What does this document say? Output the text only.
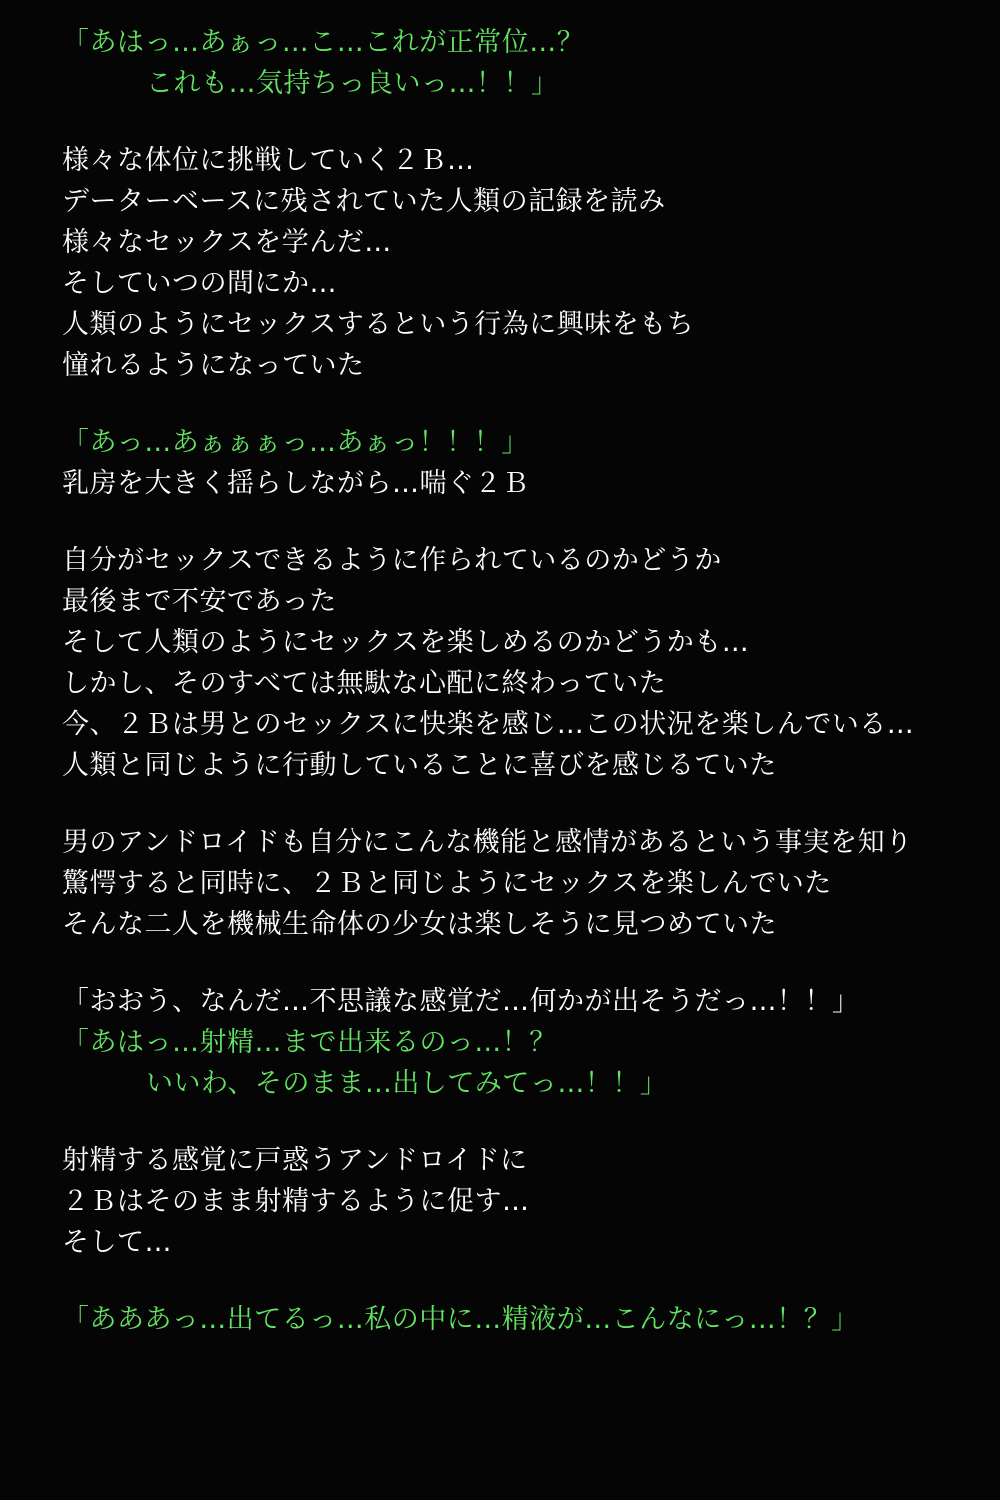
「あはっ…あぁっ…こ…これが正常位…？
これも…気持ちっ良いっ…！！」
様々な体位に挑戦していく２Ｂ…
データーベースに残されていた人類の記録を読み
様々なセックスを学んだ…
そしていつの間にか…
人類のようにセックスするという行為に興味をもち
憧れるようになっていた
「あっ…あぁぁぁっ…あぁっ！！！」
乳房を大きく揺らしながら…喘ぐ２Ｂ
自分がセックスできるように作られているのかどうか
最後まで不安であった
そして人類のようにセックスを楽しめるのかどうかも…
しかし、そのすべては無駄な心配に終わっていた
今、２Ｂは男とのセックスに快楽を感じ…この状況を楽しんでいる…
人類と同じように行動していることに喜びを感じるていた
男のアンドロイドも自分にこんな機能と感情があるという事実を知り
驚愕すると同時に、２Ｂと同じようにセックスを楽しんでいた
そんな二人を機械生命体の少女は楽しそうに見つめていた
「おおう、なんだ…不思議な感覚だ…何かが出そうだっ…！！」
「あはっ…射精…まで出来るのっ…！？
いいわ、そのまま…出してみてっ…！！」
射精する感覚に戸惑うアンドロイドに
２Ｂはそのまま射精するように促す…
そして…
「あああっ…出てるっ…私の中に…精液が…こんなにっ…！？」
